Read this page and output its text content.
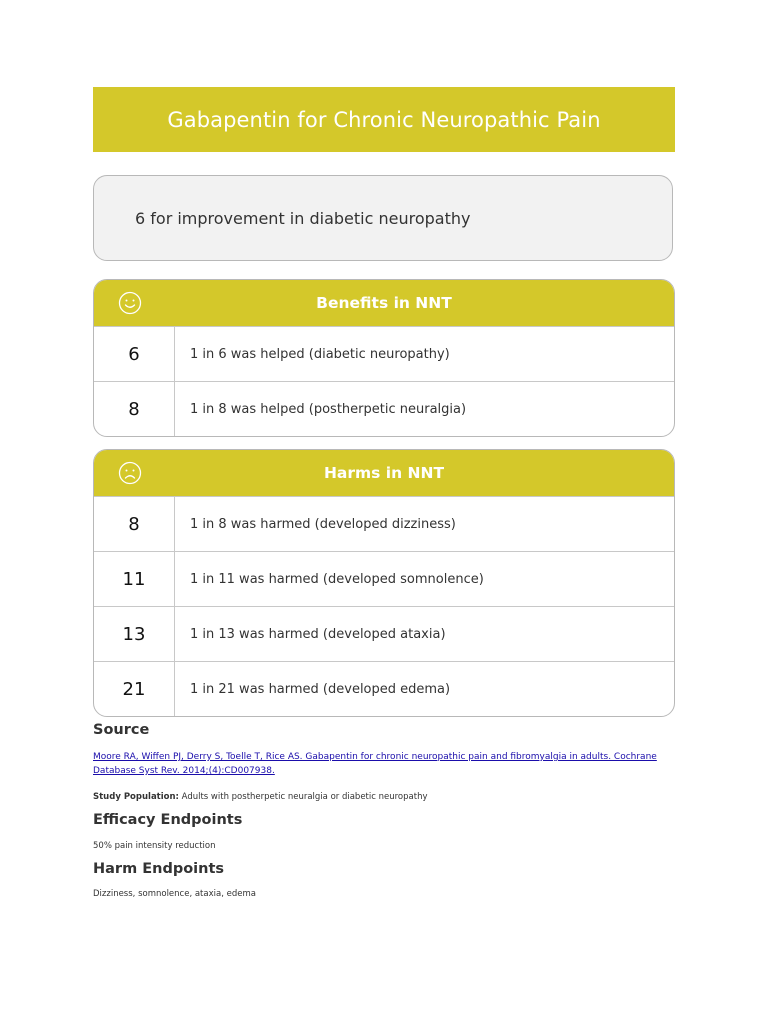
Gabapentin for Chronic Neuropathic Pain
6 for improvement in diabetic neuropathy
Benefits in NNT
6	1 in 6 was helped (diabetic neuropathy)
8	1 in 8 was helped (postherpetic neuralgia)
Harms in NNT
8	1 in 8 was harmed (developed dizziness)
11	1 in 11 was harmed (developed somnolence)
13	1 in 13 was harmed (developed ataxia)
21	1 in 21 was harmed (developed edema)
Source
Moore RA, Wiffen PJ, Derry S, Toelle T, Rice AS. Gabapentin for chronic neuropathic pain and fibromyalgia in adults. Cochrane Database Syst Rev. 2014;(4):CD007938.
Study Population: Adults with postherpetic neuralgia or diabetic neuropathy
Efficacy Endpoints
50% pain intensity reduction
Harm Endpoints
Dizziness, somnolence, ataxia, edema
